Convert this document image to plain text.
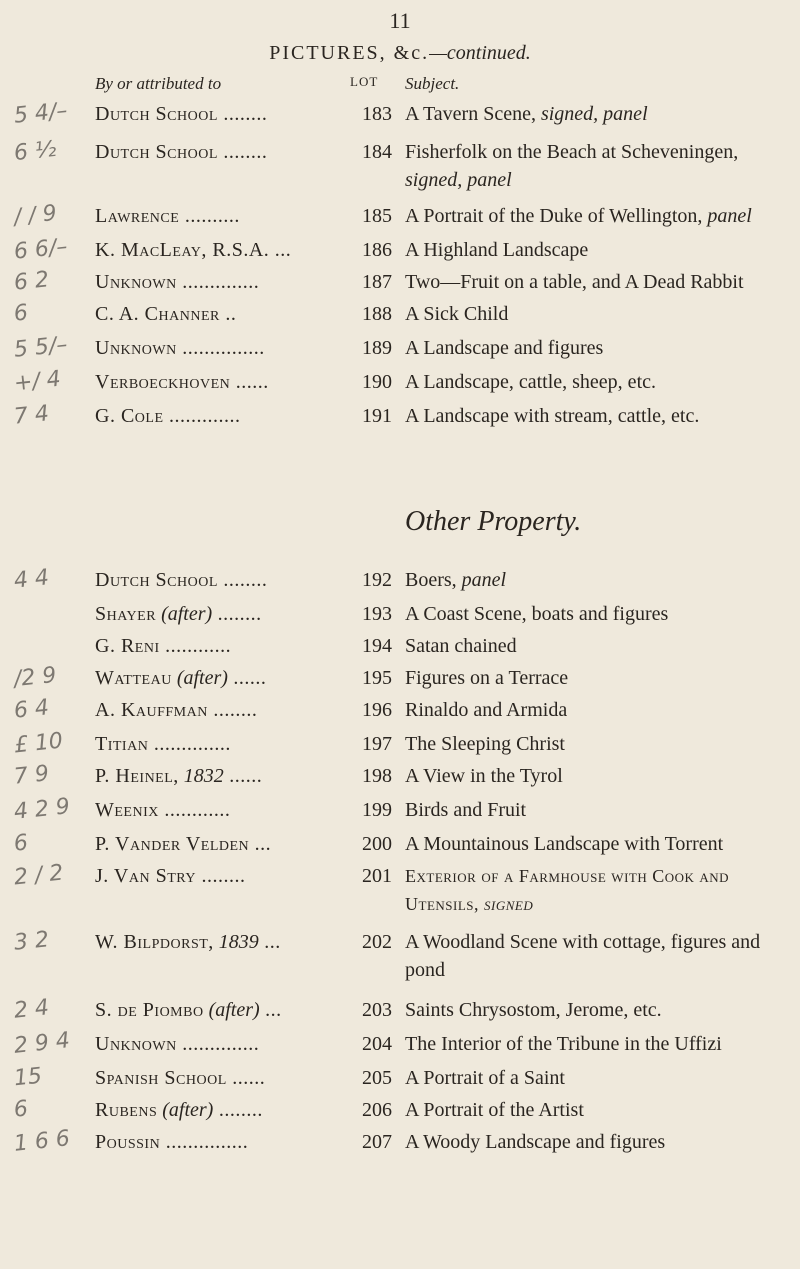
11
PICTURES, &c.—continued.
By or attributed to	LOT Subject.
5 4/– Dutch School ........	183 A Tavern Scene, signed, panel
6 ½ Dutch School ........	184 Fisherfolk on the Beach at Scheveningen, signed, panel
/ / 9 Lawrence ..........	185 A Portrait of the Duke of Wellington, panel
6 6/– K. MacLeay, R.S.A. ...	186 A Highland Landscape
6 2 Unknown ..............	187 Two—Fruit on a table, and A Dead Rabbit
6	C. A. Channer ..	188 A Sick Child
5 5/– Unknown ...............	189 A Landscape and figures
+/ 4 Verboeckhoven ......	190 A Landscape, cattle, sheep, etc.
7 4 G. Cole .............	191 A Landscape with stream, cattle, etc.
Other Property.
4 4 Dutch School ........	192 Boers, panel
Shayer (after) ........	193 A Coast Scene, boats and figures
G. Reni ............	194 Satan chained
/2 9 Watteau (after) ......	195 Figures on a Terrace
6 4 A. Kauffman ........	196 Rinaldo and Armida
£ 10 Titian ..............	197 The Sleeping Christ
7 9 P. Heinel, 1832 ......	198 A View in the Tyrol
4 2 9 Weenix ............	199 Birds and Fruit
6	P. Vander Velden ...	200 A Mountainous Landscape with Torrent
2 / 2 J. Van Stry ........	201 Exterior of a Farmhouse with Cook and Utensils, signed
3 2 W. Bilpdorst, 1839 ...	202 A Woodland Scene with cottage, figures and pond
2 4 S. de Piombo (after) ...	203 Saints Chrysostom, Jerome, etc.
2 9 4 Unknown ..............	204 The Interior of the Tribune in the Uffizi
15	Spanish School ......	205 A Portrait of a Saint
6	Rubens (after) ........	206 A Portrait of the Artist
1 6 6 Poussin ...............	207 A Woody Landscape and figures
